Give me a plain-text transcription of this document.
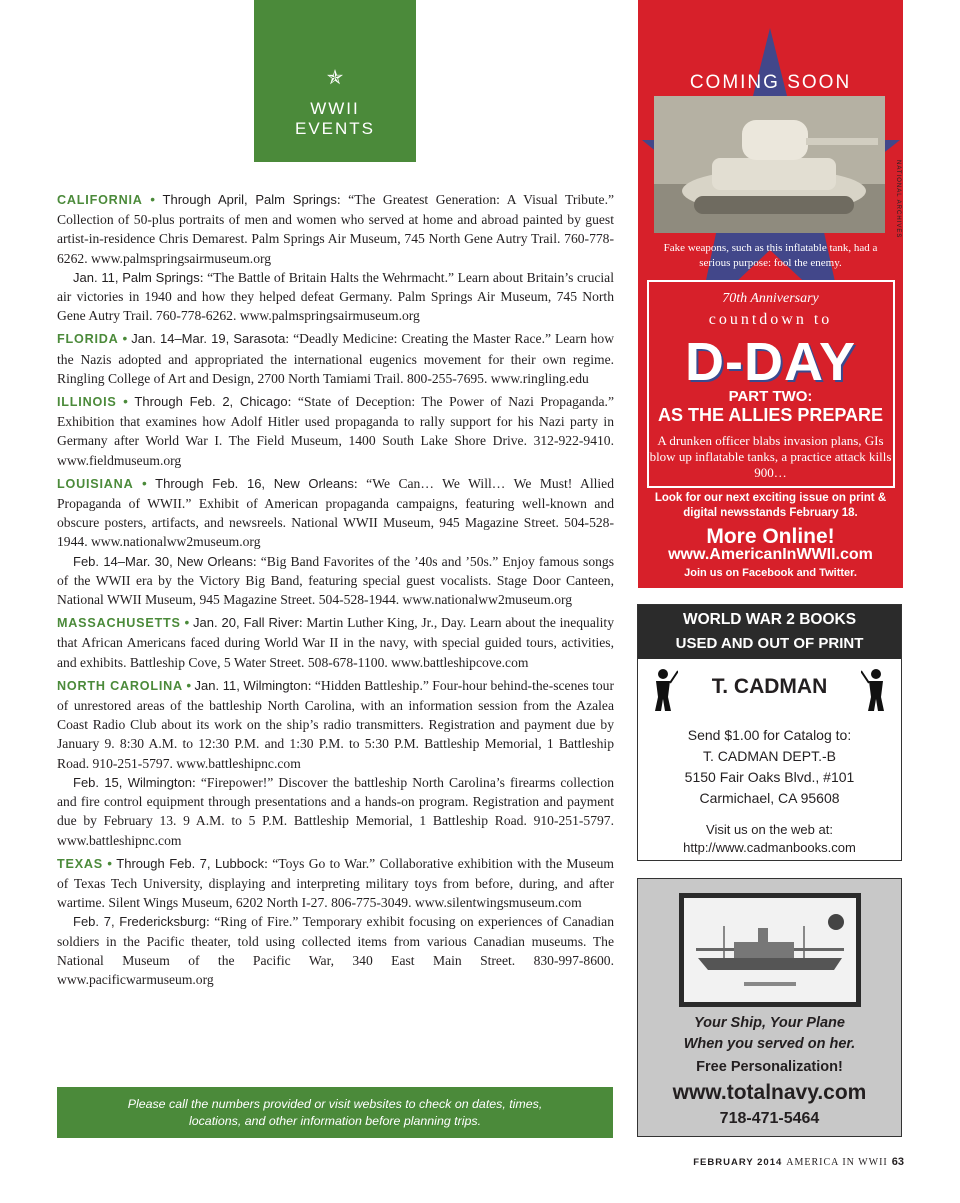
✯
WWII
EVENTS

CALIFORNIA • Through April, Palm Springs: “The Greatest Generation: A Visual Tribute.” Collection of 50-plus portraits of men and women who served at home and abroad painted by guest artist-in-residence Chris Demarest. Palm Springs Air Museum, 745 North Gene Autry Trail. 760-778-6262. www.palmspringsairmuseum.org

Jan. 11, Palm Springs: “The Battle of Britain Halts the Wehrmacht.” Learn about Britain’s crucial air victories in 1940 and how they helped defeat Germany. Palm Springs Air Museum, 745 North Gene Autry Trail. 760-778-6262. www.palmspringsairmuseum.org

FLORIDA • Jan. 14–Mar. 19, Sarasota: “Deadly Medicine: Creating the Master Race.” Learn how the Nazis adopted and appropriated the international eugenics movement for their own regime. Ringling College of Art and Design, 2700 North Tamiami Trail. 800-255-7695. www.ringling.edu

ILLINOIS • Through Feb. 2, Chicago: “State of Deception: The Power of Nazi Propaganda.” Exhibition that examines how Adolf Hitler used propaganda to rally support for his Nazi party in Germany after World War I. The Field Museum, 1400 South Lake Shore Drive. 312-922-9410. www.fieldmuseum.org

LOUISIANA • Through Feb. 16, New Orleans: “We Can… We Will… We Must! Allied Propaganda of WWII.” Exhibit of American propaganda campaigns, featuring well-known and obscure posters, artifacts, and newsreels. National WWII Museum, 945 Magazine Street. 504-528-1944. www.nationalww2museum.org

Feb. 14–Mar. 30, New Orleans: “Big Band Favorites of the ’40s and ’50s.” Enjoy famous songs of the WWII era by the Victory Big Band, featuring special guest vocalists. Stage Door Canteen, National WWII Museum, 945 Magazine Street. 504-528-1944. www.nationalww2museum.org

MASSACHUSETTS • Jan. 20, Fall River: Martin Luther King, Jr., Day. Learn about the inequality that African Americans faced during World War II in the navy, with special guided tours, activities, and exhibits. Battleship Cove, 5 Water Street. 508-678-1100. www.battleshipcove.com

NORTH CAROLINA • Jan. 11, Wilmington: “Hidden Battleship.” Four-hour behind-the-scenes tour of unrestored areas of the battleship North Carolina, with an information session from the Azalea Coast Radio Club about its work on the ship’s radio transmitters. Registration and payment due by January 9. 8:30 A.M. to 12:30 P.M. and 1:30 P.M. to 5:30 P.M. Battleship Memorial, 1 Battleship Road. 910-251-5797. www.battleshipnc.com

Feb. 15, Wilmington: “Firepower!” Discover the battleship North Carolina’s firearms collection and fire control equipment through presentations and a hands-on program. Registration and payment due by February 13. 9 A.M. to 5 P.M. Battleship Memorial, 1 Battleship Road. 910-251-5797. www.battleshipnc.com

TEXAS • Through Feb. 7, Lubbock: “Toys Go to War.” Collaborative exhibition with the Museum of Texas Tech University, displaying and interpreting military toys from before, during, and after wartime. Silent Wings Museum, 6202 North I-27. 806-775-3049. www.silentwingsmuseum.com

Feb. 7, Fredericksburg: “Ring of Fire.” Temporary exhibit focusing on experiences of Canadian soldiers in the Pacific theater, told using collected items from various Canadian museums. The National Museum of the Pacific War, 340 East Main Street. 830-997-8600. www.pacificwarmuseum.org

Please call the numbers provided or visit websites to check on dates, times, locations, and other information before planning trips.
COMING SOON
NATIONAL ARCHIVES
Fake weapons, such as this inflatable tank, had a serious purpose: fool the enemy.
70th Anniversary
countdown to
D-DAY
PART TWO:
AS THE ALLIES PREPARE
A drunken officer blabs invasion plans, GIs blow up inflatable tanks, a practice attack kills 900…
Look for our next exciting issue on print & digital newsstands February 18.
More Online!
www.AmericanInWWII.com
Join us on Facebook and Twitter.
WORLD WAR 2 BOOKS
USED AND OUT OF PRINT
T. CADMAN
Send $1.00 for Catalog to:
T. CADMAN DEPT.-B
5150 Fair Oaks Blvd., #101
Carmichael, CA 95608
Visit us on the web at:
http://www.cadmanbooks.com
Your Ship, Your Plane
When you served on her.
Free Personalization!
www.totalnavy.com
718-471-5464
FEBRUARY 2014 AMERICA IN WWII 63
